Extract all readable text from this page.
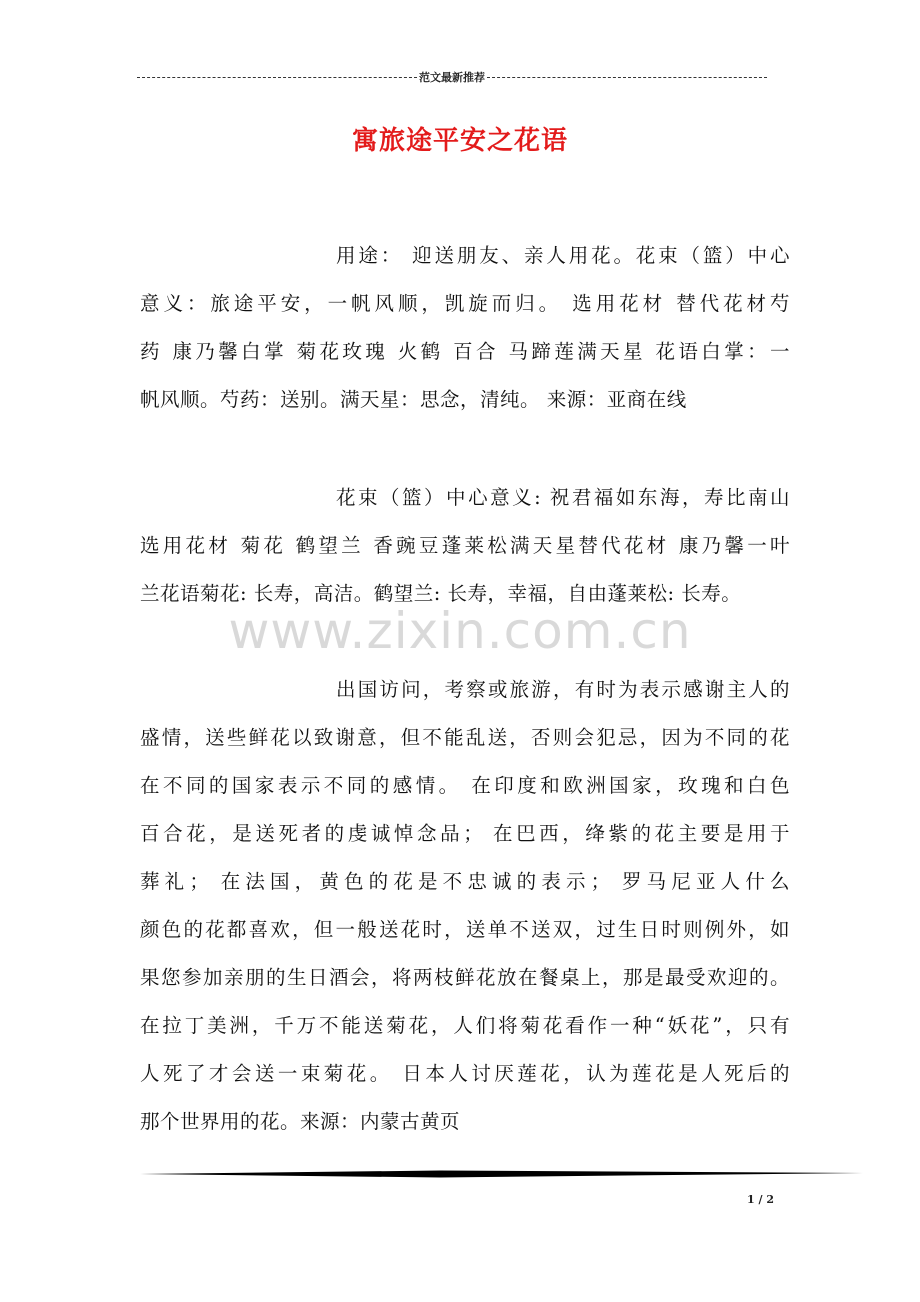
范文最新推荐
寓旅途平安之花语
www.zixin.com.cn
用途： 迎送朋友、亲人用花。花束（篮）中心
意义：旅途平安，一帆风顺，凯旋而归。 选用花材 替代花材芍
药 康乃馨白掌 菊花玫瑰 火鹤 百合 马蹄莲满天星 花语白掌：一
帆风顺。芍药：送别。满天星：思念，清纯。 来源：亚商在线
花束（篮）中心意义: 祝君福如东海，寿比南山
选用花材 菊花 鹤望兰 香豌豆蓬莱松满天星替代花材 康乃馨一叶
兰花语菊花: 长寿，高洁。鹤望兰: 长寿，幸福，自由蓬莱松: 长寿。
出国访问，考察或旅游，有时为表示感谢主人的
盛情，送些鲜花以致谢意，但不能乱送，否则会犯忌，因为不同的花
在不同的国家表示不同的感情。 在印度和欧洲国家，玫瑰和白色
百合花，是送死者的虔诚悼念品； 在巴西，绛紫的花主要是用于
葬礼； 在法国，黄色的花是不忠诚的表示； 罗马尼亚人什么
颜色的花都喜欢，但一般送花时，送单不送双，过生日时则例外，如
果您参加亲朋的生日酒会，将两枝鲜花放在餐桌上，那是最受欢迎的。
在拉丁美洲，千万不能送菊花，人们将菊花看作一种“妖花”，只有
人死了才会送一束菊花。 日本人讨厌莲花，认为莲花是人死后的
那个世界用的花。来源：内蒙古黄页
1 / 2
